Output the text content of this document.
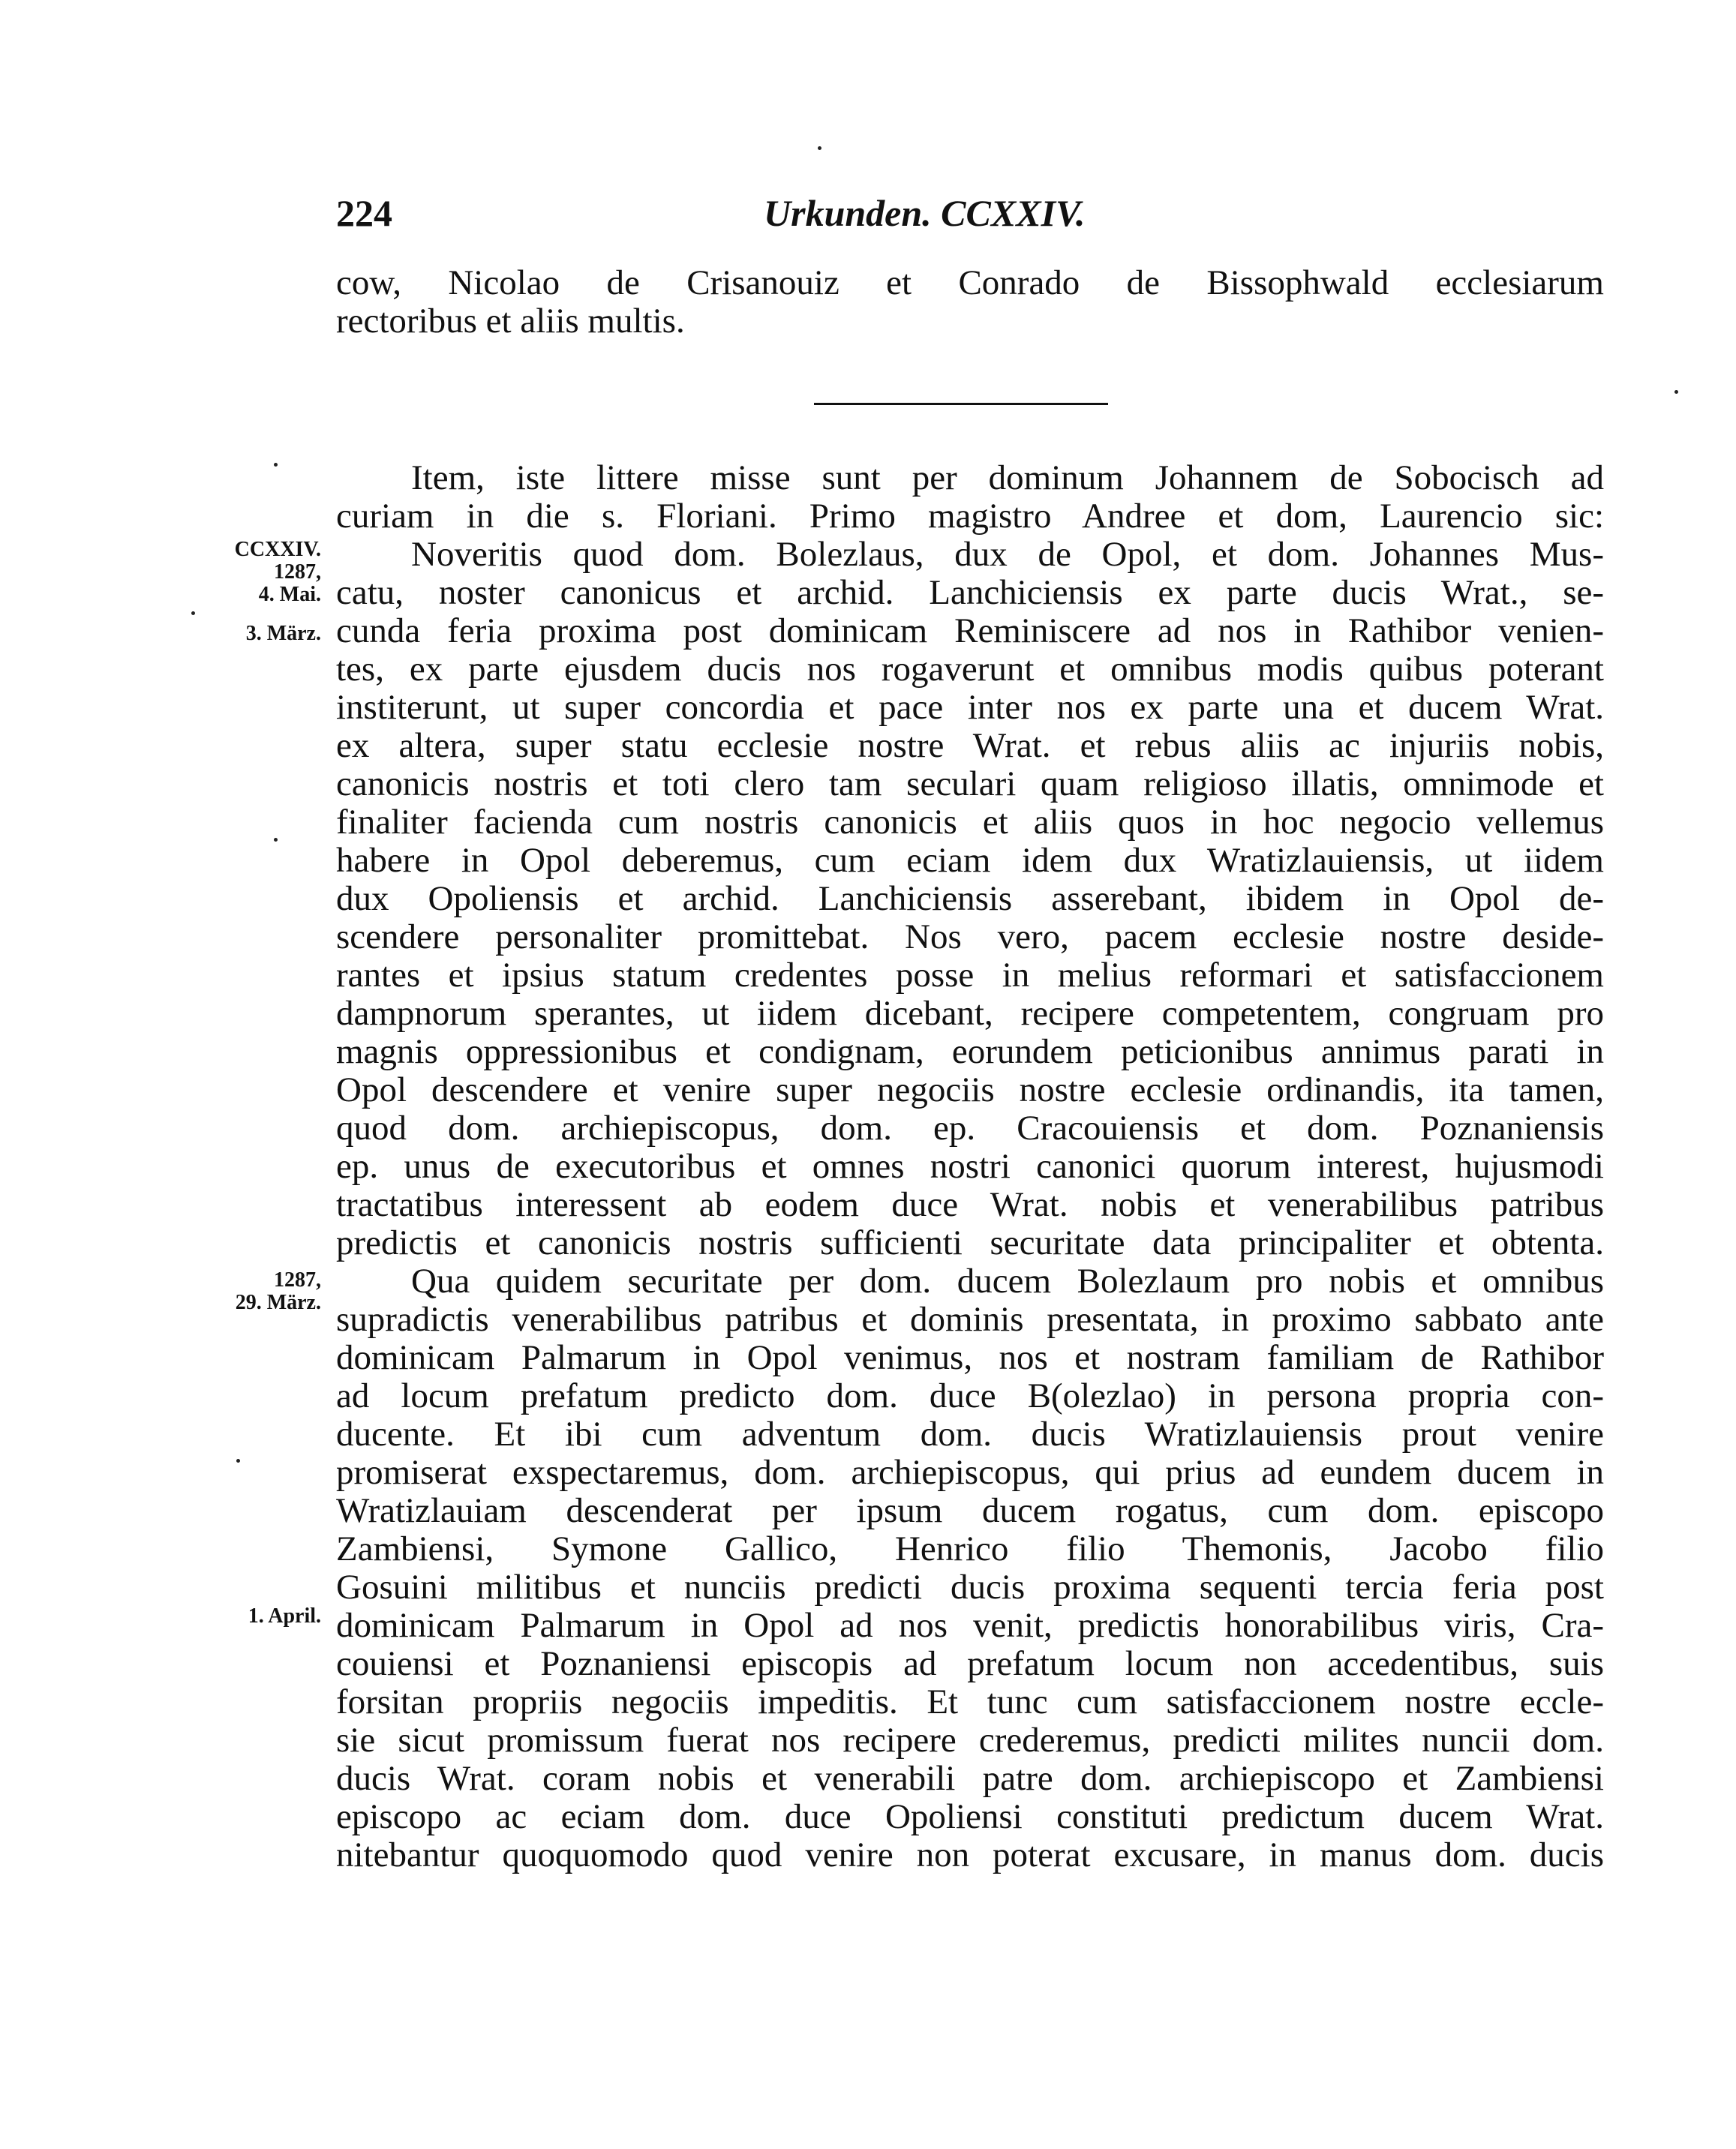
224	Urkunden. CCXXIV.
cow, Nicolao de Crisanouiz et Conrado de Bissophwald ecclesiarum
rectoribus et aliis multis.
Item, iste littere misse sunt per dominum Johannem de Sobocisch ad
curiam in die s. Floriani. Primo magistro Andree et dom, Laurencio sic:
Noveritis quod dom. Bolezlaus, dux de Opol, et dom. Johannes Mus-
catu, noster canonicus et archid. Lanchiciensis ex parte ducis Wrat., se-
cunda feria proxima post dominicam Reminiscere ad nos in Rathibor venien-
tes, ex parte ejusdem ducis nos rogaverunt et omnibus modis quibus poterant
institerunt, ut super concordia et pace inter nos ex parte una et ducem Wrat.
ex altera, super statu ecclesie nostre Wrat. et rebus aliis ac injuriis nobis,
canonicis nostris et toti clero tam seculari quam religioso illatis, omnimode et
finaliter facienda cum nostris canonicis et aliis quos in hoc negocio vellemus
habere in Opol deberemus, cum eciam idem dux Wratizlauiensis, ut iidem
dux Opoliensis et archid. Lanchiciensis asserebant, ibidem in Opol de-
scendere personaliter promittebat. Nos vero, pacem ecclesie nostre deside-
rantes et ipsius statum credentes posse in melius reformari et satisfaccionem
dampnorum sperantes, ut iidem dicebant, recipere competentem, congruam pro
magnis oppressionibus et condignam, eorundem peticionibus annimus parati in
Opol descendere et venire super negociis nostre ecclesie ordinandis, ita tamen,
quod dom. archiepiscopus, dom. ep. Cracouiensis et dom. Poznaniensis
ep. unus de executoribus et omnes nostri canonici quorum interest, hujusmodi
tractatibus interessent ab eodem duce Wrat. nobis et venerabilibus patribus
predictis et canonicis nostris sufficienti securitate data principaliter et obtenta.
Qua quidem securitate per dom. ducem Bolezlaum pro nobis et omnibus
supradictis venerabilibus patribus et dominis presentata, in proximo sabbato ante
dominicam Palmarum in Opol venimus, nos et nostram familiam de Rathibor
ad locum prefatum predicto dom. duce B(olezlao) in persona propria con-
ducente. Et ibi cum adventum dom. ducis Wratizlauiensis prout venire
promiserat exspectaremus, dom. archiepiscopus, qui prius ad eundem ducem in
Wratizlauiam descenderat per ipsum ducem rogatus, cum dom. episcopo
Zambiensi, Symone Gallico, Henrico filio Themonis, Jacobo filio
Gosuini militibus et nunciis predicti ducis proxima sequenti tercia feria post
dominicam Palmarum in Opol ad nos venit, predictis honorabilibus viris, Cra-
couiensi et Poznaniensi episcopis ad prefatum locum non accedentibus, suis
forsitan propriis negociis impeditis. Et tunc cum satisfaccionem nostre eccle-
sie sicut promissum fuerat nos recipere crederemus, predicti milites nuncii dom.
ducis Wrat. coram nobis et venerabili patre dom. archiepiscopo et Zambiensi
episcopo ac eciam dom. duce Opoliensi constituti predictum ducem Wrat.
nitebantur quoquomodo quod venire non poterat excusare, in manus dom. ducis
CCXXIV.
1287,
4. Mai.
3. März.
1287,
29. März.
1. April.
